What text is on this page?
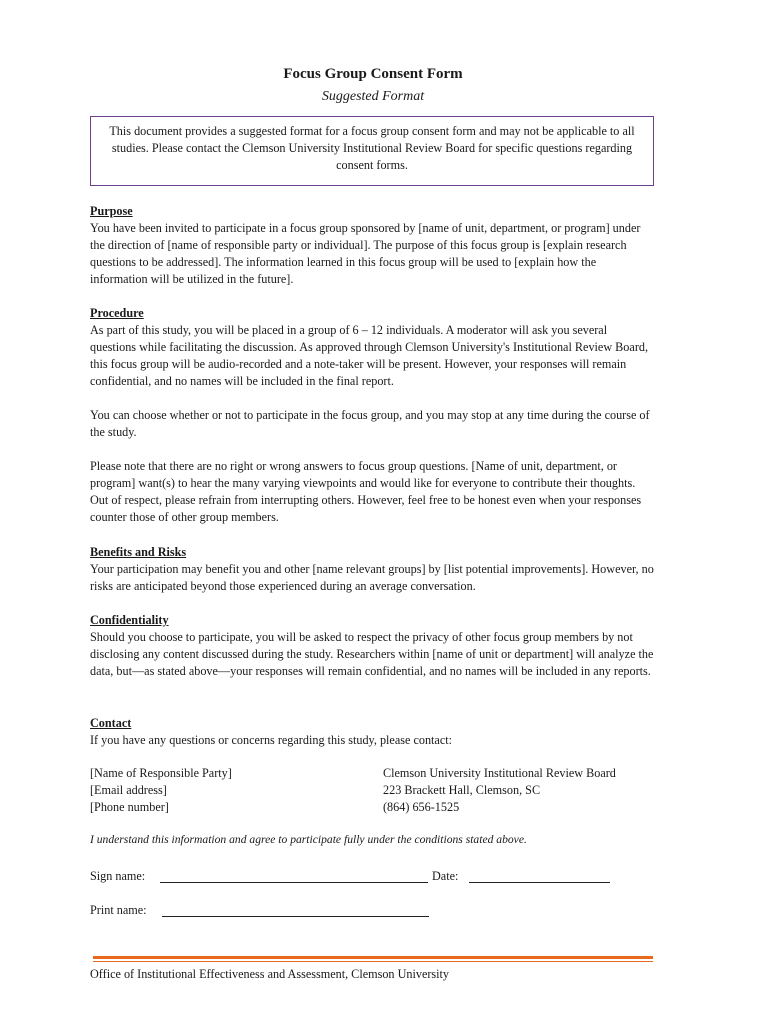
Focus Group Consent Form
Suggested Format
This document provides a suggested format for a focus group consent form and may not be applicable to all studies. Please contact the Clemson University Institutional Review Board for specific questions regarding consent forms.
Purpose
You have been invited to participate in a focus group sponsored by [name of unit, department, or program] under the direction of [name of responsible party or individual]. The purpose of this focus group is [explain research questions to be addressed]. The information learned in this focus group will be used to [explain how the information will be utilized in the future].
Procedure
As part of this study, you will be placed in a group of 6 – 12 individuals. A moderator will ask you several questions while facilitating the discussion. As approved through Clemson University's Institutional Review Board, this focus group will be audio-recorded and a note-taker will be present. However, your responses will remain confidential, and no names will be included in the final report.
You can choose whether or not to participate in the focus group, and you may stop at any time during the course of the study.
Please note that there are no right or wrong answers to focus group questions. [Name of unit, department, or program] want(s) to hear the many varying viewpoints and would like for everyone to contribute their thoughts. Out of respect, please refrain from interrupting others. However, feel free to be honest even when your responses counter those of other group members.
Benefits and Risks
Your participation may benefit you and other [name relevant groups] by [list potential improvements]. However, no risks are anticipated beyond those experienced during an average conversation.
Confidentiality
Should you choose to participate, you will be asked to respect the privacy of other focus group members by not disclosing any content discussed during the study. Researchers within [name of unit or department] will analyze the data, but—as stated above—your responses will remain confidential, and no names will be included in any reports.
Contact
If you have any questions or concerns regarding this study, please contact:
[Name of Responsible Party]
[Email address]
[Phone number]
Clemson University Institutional Review Board
223 Brackett Hall, Clemson, SC
(864) 656-1525
I understand this information and agree to participate fully under the conditions stated above.
Sign name:	Date:
Print name:
Office of Institutional Effectiveness and Assessment, Clemson University
